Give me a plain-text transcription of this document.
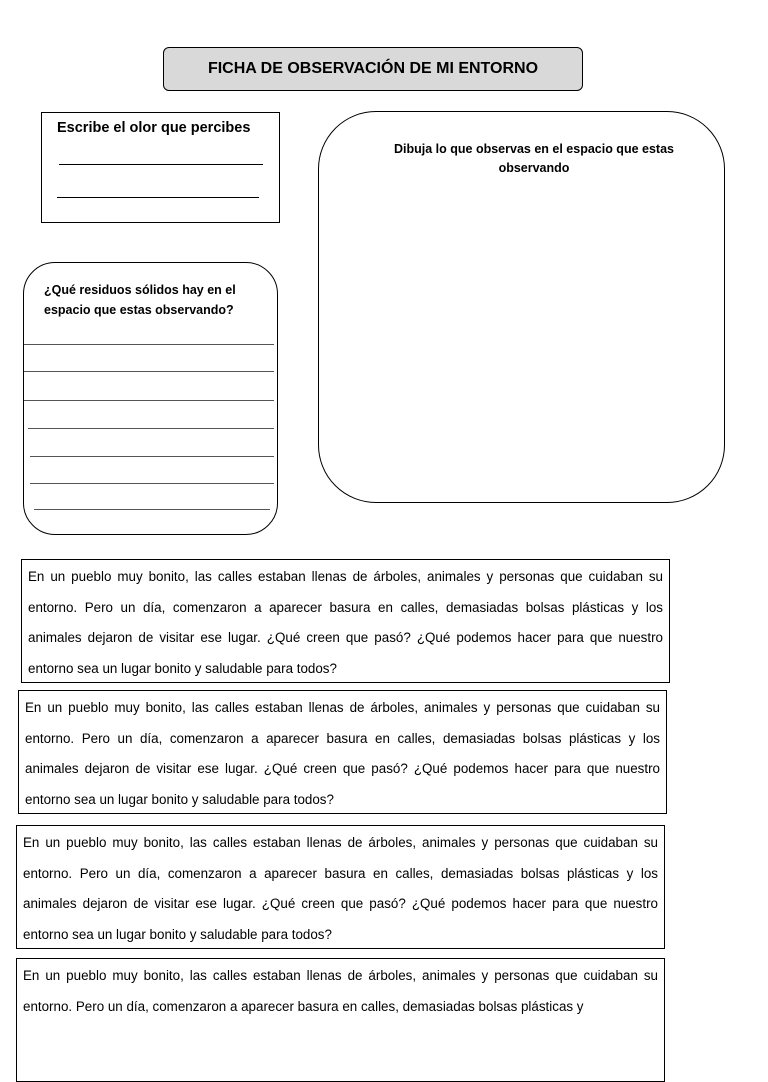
FICHA DE OBSERVACIÓN DE MI ENTORNO
Escribe el olor que percibes
¿Qué residuos sólidos hay en el espacio que estas observando?
Dibuja lo que observas en el espacio que estas observando
En un pueblo muy bonito, las calles estaban llenas de árboles, animales y personas que cuidaban su entorno. Pero un día, comenzaron a aparecer basura en calles, demasiadas bolsas plásticas y los animales dejaron de visitar ese lugar. ¿Qué creen que pasó? ¿Qué podemos hacer para que nuestro entorno sea un lugar bonito y saludable para todos?
En un pueblo muy bonito, las calles estaban llenas de árboles, animales y personas que cuidaban su entorno. Pero un día, comenzaron a aparecer basura en calles, demasiadas bolsas plásticas y los animales dejaron de visitar ese lugar. ¿Qué creen que pasó? ¿Qué podemos hacer para que nuestro entorno sea un lugar bonito y saludable para todos?
En un pueblo muy bonito, las calles estaban llenas de árboles, animales y personas que cuidaban su entorno. Pero un día, comenzaron a aparecer basura en calles, demasiadas bolsas plásticas y los animales dejaron de visitar ese lugar. ¿Qué creen que pasó? ¿Qué podemos hacer para que nuestro entorno sea un lugar bonito y saludable para todos?
En un pueblo muy bonito, las calles estaban llenas de árboles, animales y personas que cuidaban su entorno. Pero un día, comenzaron a aparecer basura en calles, demasiadas bolsas plásticas y
